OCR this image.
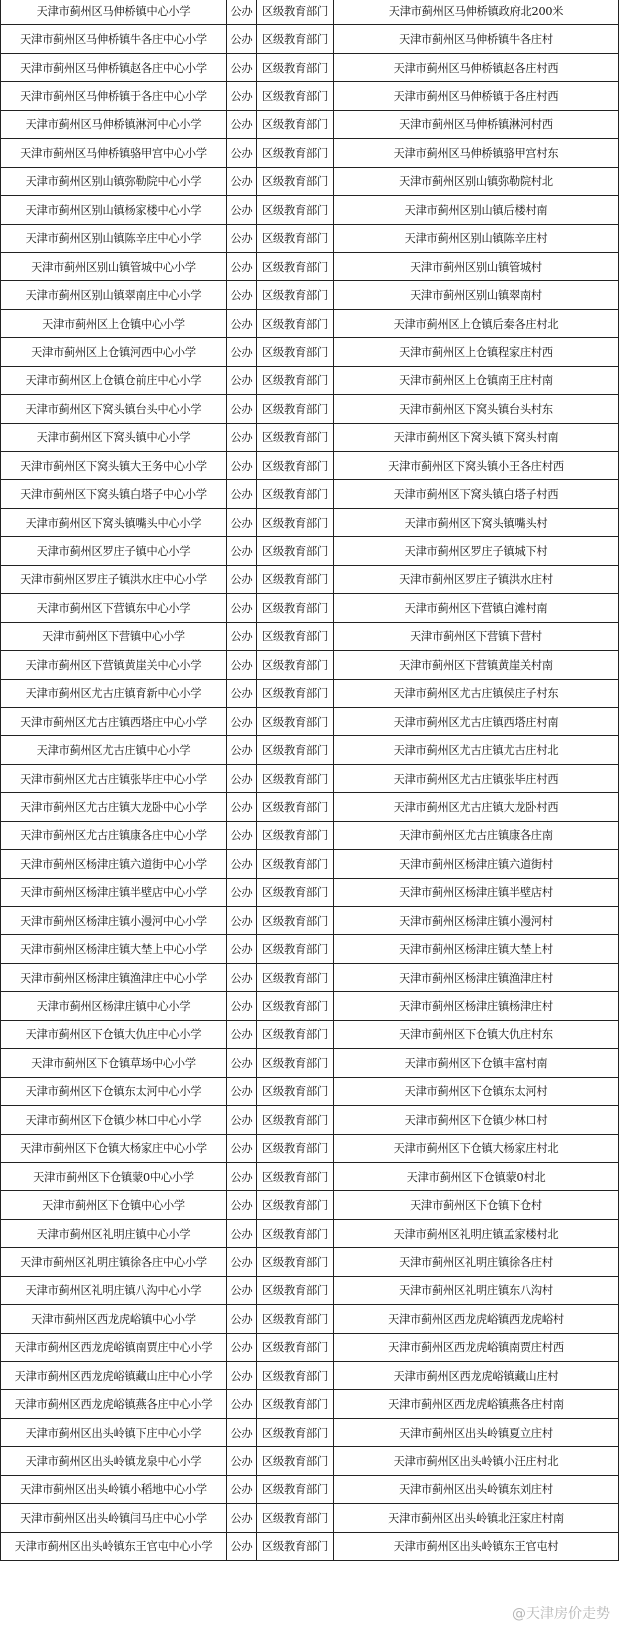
天津市蓟州区马伸桥镇中心小学	公办	区级教育部门	天津市蓟州区马伸桥镇政府北200米
天津市蓟州区马伸桥镇牛各庄中心小学	公办	区级教育部门	天津市蓟州区马伸桥镇牛各庄村
天津市蓟州区马伸桥镇赵各庄中心小学	公办	区级教育部门	天津市蓟州区马伸桥镇赵各庄村西
天津市蓟州区马伸桥镇于各庄中心小学	公办	区级教育部门	天津市蓟州区马伸桥镇于各庄村西
天津市蓟州区马伸桥镇淋河中心小学	公办	区级教育部门	天津市蓟州区马伸桥镇淋河村西
天津市蓟州区马伸桥镇骆甲宫中心小学	公办	区级教育部门	天津市蓟州区马伸桥镇骆甲宫村东
天津市蓟州区别山镇弥勒院中心小学	公办	区级教育部门	天津市蓟州区别山镇弥勒院村北
天津市蓟州区别山镇杨家楼中心小学	公办	区级教育部门	天津市蓟州区别山镇后楼村南
天津市蓟州区别山镇陈辛庄中心小学	公办	区级教育部门	天津市蓟州区别山镇陈辛庄村
天津市蓟州区别山镇管城中心小学	公办	区级教育部门	天津市蓟州区别山镇管城村
天津市蓟州区别山镇翠南庄中心小学	公办	区级教育部门	天津市蓟州区别山镇翠南村
天津市蓟州区上仓镇中心小学	公办	区级教育部门	天津市蓟州区上仓镇后秦各庄村北
天津市蓟州区上仓镇河西中心小学	公办	区级教育部门	天津市蓟州区上仓镇程家庄村西
天津市蓟州区上仓镇仓前庄中心小学	公办	区级教育部门	天津市蓟州区上仓镇南王庄村南
天津市蓟州区下窝头镇台头中心小学	公办	区级教育部门	天津市蓟州区下窝头镇台头村东
天津市蓟州区下窝头镇中心小学	公办	区级教育部门	天津市蓟州区下窝头镇下窝头村南
天津市蓟州区下窝头镇大王务中心小学	公办	区级教育部门	天津市蓟州区下窝头镇小王各庄村西
天津市蓟州区下窝头镇白塔子中心小学	公办	区级教育部门	天津市蓟州区下窝头镇白塔子村西
天津市蓟州区下窝头镇嘴头中心小学	公办	区级教育部门	天津市蓟州区下窝头镇嘴头村
天津市蓟州区罗庄子镇中心小学	公办	区级教育部门	天津市蓟州区罗庄子镇城下村
天津市蓟州区罗庄子镇洪水庄中心小学	公办	区级教育部门	天津市蓟州区罗庄子镇洪水庄村
天津市蓟州区下营镇东中心小学	公办	区级教育部门	天津市蓟州区下营镇白滩村南
天津市蓟州区下营镇中心小学	公办	区级教育部门	天津市蓟州区下营镇下营村
天津市蓟州区下营镇黄崖关中心小学	公办	区级教育部门	天津市蓟州区下营镇黄崖关村南
天津市蓟州区尤古庄镇育新中心小学	公办	区级教育部门	天津市蓟州区尤古庄镇侯庄子村东
天津市蓟州区尤古庄镇西塔庄中心小学	公办	区级教育部门	天津市蓟州区尤古庄镇西塔庄村南
天津市蓟州区尤古庄镇中心小学	公办	区级教育部门	天津市蓟州区尤古庄镇尤古庄村北
天津市蓟州区尤古庄镇张毕庄中心小学	公办	区级教育部门	天津市蓟州区尤古庄镇张毕庄村西
天津市蓟州区尤古庄镇大龙卧中心小学	公办	区级教育部门	天津市蓟州区尤古庄镇大龙卧村西
天津市蓟州区尤古庄镇康各庄中心小学	公办	区级教育部门	天津市蓟州区尤古庄镇康各庄南
天津市蓟州区杨津庄镇六道街中心小学	公办	区级教育部门	天津市蓟州区杨津庄镇六道街村
天津市蓟州区杨津庄镇半壁店中心小学	公办	区级教育部门	天津市蓟州区杨津庄镇半壁店村
天津市蓟州区杨津庄镇小漫河中心小学	公办	区级教育部门	天津市蓟州区杨津庄镇小漫河村
天津市蓟州区杨津庄镇大埜上中心小学	公办	区级教育部门	天津市蓟州区杨津庄镇大埜上村
天津市蓟州区杨津庄镇渔津庄中心小学	公办	区级教育部门	天津市蓟州区杨津庄镇渔津庄村
天津市蓟州区杨津庄镇中心小学	公办	区级教育部门	天津市蓟州区杨津庄镇杨津庄村
天津市蓟州区下仓镇大仇庄中心小学	公办	区级教育部门	天津市蓟州区下仓镇大仇庄村东
天津市蓟州区下仓镇草场中心小学	公办	区级教育部门	天津市蓟州区下仓镇丰富村南
天津市蓟州区下仓镇东太河中心小学	公办	区级教育部门	天津市蓟州区下仓镇东太河村
天津市蓟州区下仓镇少林口中心小学	公办	区级教育部门	天津市蓟州区下仓镇少林口村
天津市蓟州区下仓镇大杨家庄中心小学	公办	区级教育部门	天津市蓟州区下仓镇大杨家庄村北
天津市蓟州区下仓镇蒙0中心小学	公办	区级教育部门	天津市蓟州区下仓镇蒙0村北
天津市蓟州区下仓镇中心小学	公办	区级教育部门	天津市蓟州区下仓镇下仓村
天津市蓟州区礼明庄镇中心小学	公办	区级教育部门	天津市蓟州区礼明庄镇孟家楼村北
天津市蓟州区礼明庄镇徐各庄中心小学	公办	区级教育部门	天津市蓟州区礼明庄镇徐各庄村
天津市蓟州区礼明庄镇八沟中心小学	公办	区级教育部门	天津市蓟州区礼明庄镇东八沟村
天津市蓟州区西龙虎峪镇中心小学	公办	区级教育部门	天津市蓟州区西龙虎峪镇西龙虎峪村
天津市蓟州区西龙虎峪镇南贾庄中心小学	公办	区级教育部门	天津市蓟州区西龙虎峪镇南贾庄村西
天津市蓟州区西龙虎峪镇藏山庄中心小学	公办	区级教育部门	天津市蓟州区西龙虎峪镇藏山庄村
天津市蓟州区西龙虎峪镇燕各庄中心小学	公办	区级教育部门	天津市蓟州区西龙虎峪镇燕各庄村南
天津市蓟州区出头岭镇下庄中心小学	公办	区级教育部门	天津市蓟州区出头岭镇夏立庄村
天津市蓟州区出头岭镇龙泉中心小学	公办	区级教育部门	天津市蓟州区出头岭镇小汪庄村北
天津市蓟州区出头岭镇小稻地中心小学	公办	区级教育部门	天津市蓟州区出头岭镇东刘庄村
天津市蓟州区出头岭镇闫马庄中心小学	公办	区级教育部门	天津市蓟州区出头岭镇北汪家庄村南
天津市蓟州区出头岭镇东王官屯中心小学	公办	区级教育部门	天津市蓟州区出头岭镇东王官屯村
@天津房价走势
